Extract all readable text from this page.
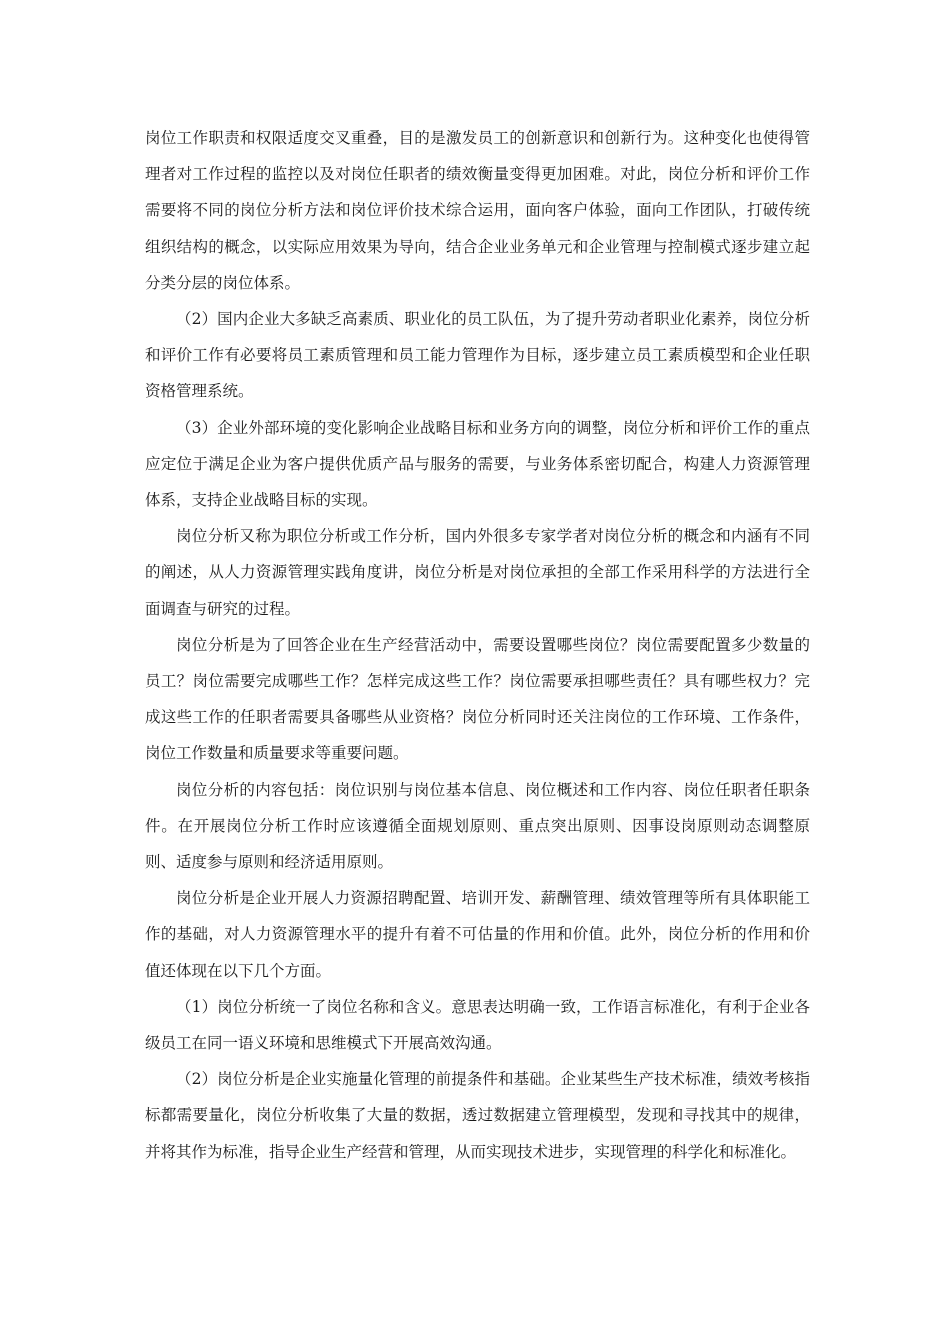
岗位工作职责和权限适度交叉重叠，目的是激发员工的创新意识和创新行为。这种变化也使得管理者对工作过程的监控以及对岗位任职者的绩效衡量变得更加困难。对此，岗位分析和评价工作需要将不同的岗位分析方法和岗位评价技术综合运用，面向客户体验，面向工作团队，打破传统组织结构的概念，以实际应用效果为导向，结合企业业务单元和企业管理与控制模式逐步建立起分类分层的岗位体系。

（2）国内企业大多缺乏高素质、职业化的员工队伍，为了提升劳动者职业化素养，岗位分析和评价工作有必要将员工素质管理和员工能力管理作为目标，逐步建立员工素质模型和企业任职资格管理系统。

（3）企业外部环境的变化影响企业战略目标和业务方向的调整，岗位分析和评价工作的重点应定位于满足企业为客户提供优质产品与服务的需要，与业务体系密切配合，构建人力资源管理体系，支持企业战略目标的实现。

岗位分析又称为职位分析或工作分析，国内外很多专家学者对岗位分析的概念和内涵有不同的阐述，从人力资源管理实践角度讲，岗位分析是对岗位承担的全部工作采用科学的方法进行全面调查与研究的过程。

岗位分析是为了回答企业在生产经营活动中，需要设置哪些岗位？岗位需要配置多少数量的员工？岗位需要完成哪些工作？怎样完成这些工作？岗位需要承担哪些责任？具有哪些权力？完成这些工作的任职者需要具备哪些从业资格？岗位分析同时还关注岗位的工作环境、工作条件，岗位工作数量和质量要求等重要问题。

岗位分析的内容包括：岗位识别与岗位基本信息、岗位概述和工作内容、岗位任职者任职条件。在开展岗位分析工作时应该遵循全面规划原则、重点突出原则、因事设岗原则动态调整原则、适度参与原则和经济适用原则。

岗位分析是企业开展人力资源招聘配置、培训开发、薪酬管理、绩效管理等所有具体职能工作的基础，对人力资源管理水平的提升有着不可估量的作用和价值。此外，岗位分析的作用和价值还体现在以下几个方面。

（1）岗位分析统一了岗位名称和含义。意思表达明确一致，工作语言标准化，有利于企业各级员工在同一语义环境和思维模式下开展高效沟通。

（2）岗位分析是企业实施量化管理的前提条件和基础。企业某些生产技术标准，绩效考核指标都需要量化，岗位分析收集了大量的数据，透过数据建立管理模型，发现和寻找其中的规律，并将其作为标准，指导企业生产经营和管理，从而实现技术进步，实现管理的科学化和标准化。
